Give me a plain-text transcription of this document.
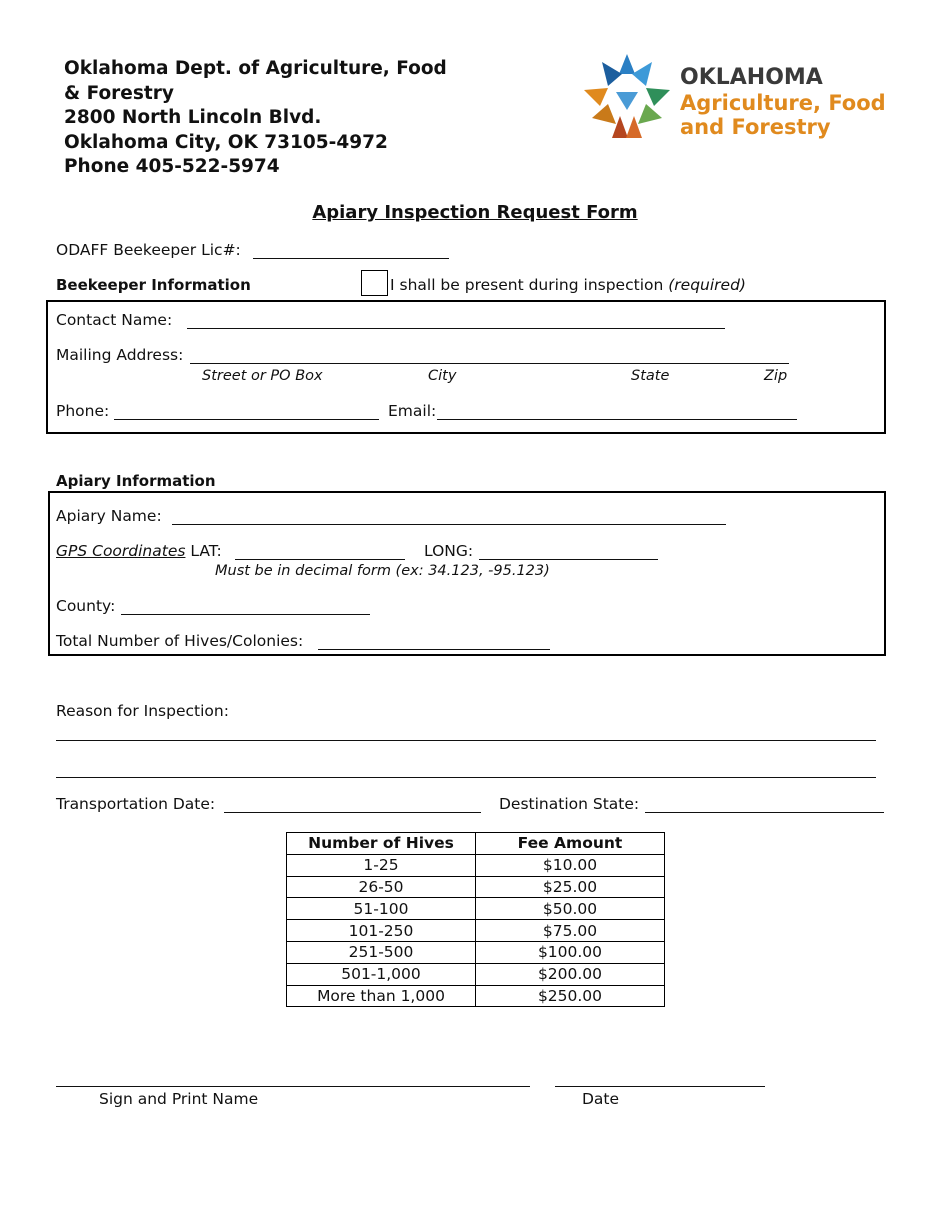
Oklahoma Dept. of Agriculture, Food
& Forestry
2800 North Lincoln Blvd.
Oklahoma City, OK 73105-4972
Phone 405-522-5974
OKLAHOMA
Agriculture, Food
and Forestry
Apiary Inspection Request Form
ODAFF Beekeeper Lic#:
Beekeeper Information	I shall be present during inspection (required)
Contact Name:
Mailing Address:
Street or PO Box	City	State	Zip
Phone:	Email:
Apiary Information
Apiary Name:
GPS Coordinates LAT:	LONG:
Must be in decimal form (ex: 34.123, -95.123)
County:
Total Number of Hives/Colonies:
Reason for Inspection:
Transportation Date:	Destination State:
Number of Hives	Fee Amount
1-25	$10.00
26-50	$25.00
51-100	$50.00
101-250	$75.00
251-500	$100.00
501-1,000	$200.00
More than 1,000	$250.00
Sign and Print Name	Date
